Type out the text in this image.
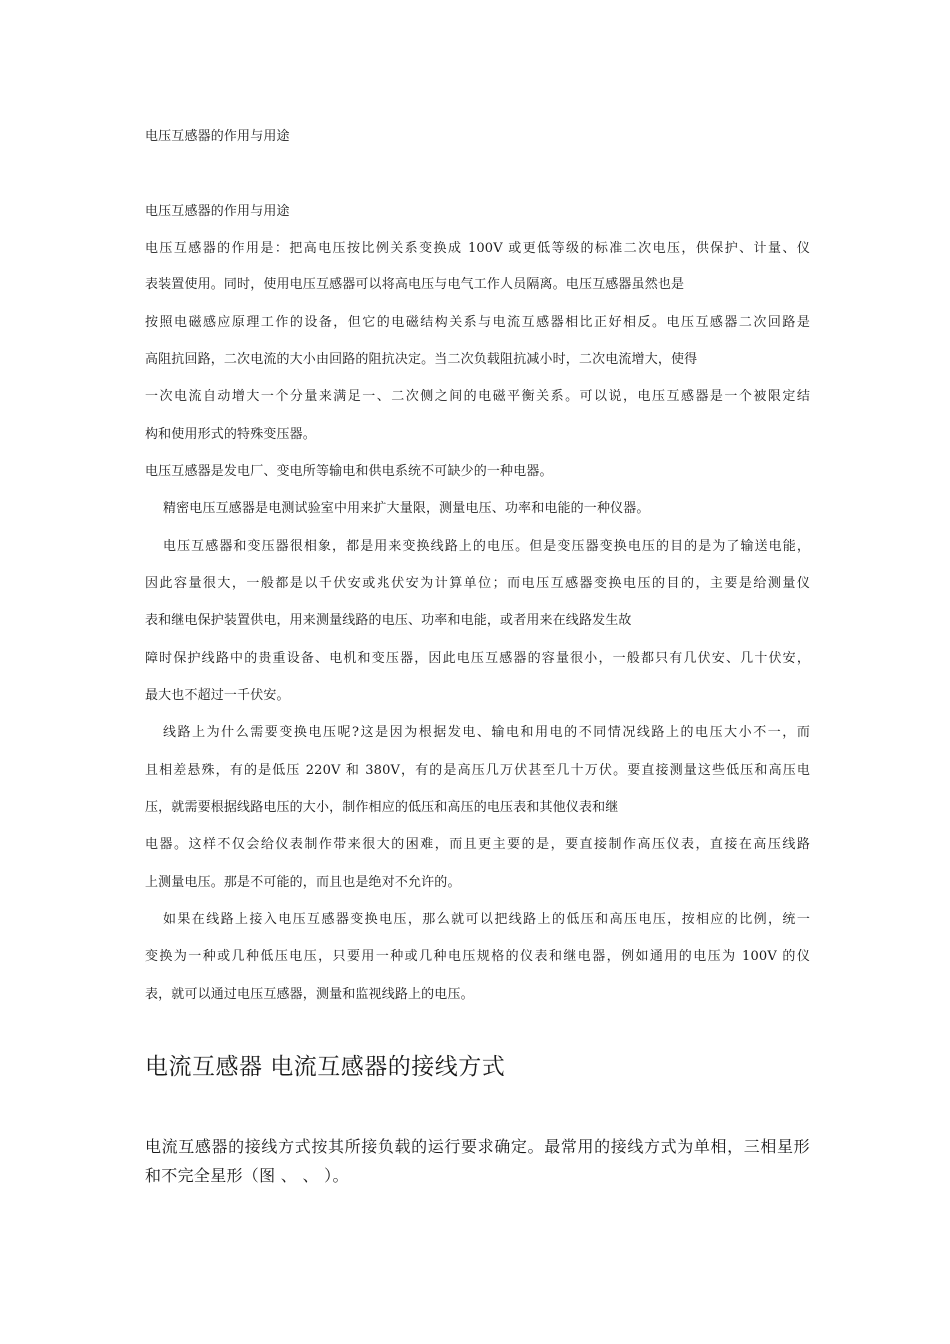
电压互感器的作用与用途
电压互感器的作用与用途
电压互感器的作用是：把高电压按比例关系变换成 100V 或更低等级的标准二次电压，供保护、计量、仪
表装置使用。同时，使用电压互感器可以将高电压与电气工作人员隔离。电压互感器虽然也是
按照电磁感应原理工作的设备，但它的电磁结构关系与电流互感器相比正好相反。电压互感器二次回路是
高阻抗回路，二次电流的大小由回路的阻抗决定。当二次负载阻抗减小时，二次电流增大，使得
一次电流自动增大一个分量来满足一、二次侧之间的电磁平衡关系。可以说，电压互感器是一个被限定结
构和使用形式的特殊变压器。
电压互感器是发电厂、变电所等输电和供电系统不可缺少的一种电器。
精密电压互感器是电测试验室中用来扩大量限，测量电压、功率和电能的一种仪器。
电压互感器和变压器很相象，都是用来变换线路上的电压。但是变压器变换电压的目的是为了输送电能，
因此容量很大，一般都是以千伏安或兆伏安为计算单位；而电压互感器变换电压的目的，主要是给测量仪
表和继电保护装置供电，用来测量线路的电压、功率和电能，或者用来在线路发生故
障时保护线路中的贵重设备、电机和变压器，因此电压互感器的容量很小，一般都只有几伏安、几十伏安，
最大也不超过一千伏安。
线路上为什么需要变换电压呢?这是因为根据发电、输电和用电的不同情况线路上的电压大小不一，而
且相差悬殊，有的是低压 220V 和 380V，有的是高压几万伏甚至几十万伏。要直接测量这些低压和高压电
压，就需要根据线路电压的大小，制作相应的低压和高压的电压表和其他仪表和继
电器。这样不仅会给仪表制作带来很大的困难，而且更主要的是，要直接制作高压仪表，直接在高压线路
上测量电压。那是不可能的，而且也是绝对不允许的。
如果在线路上接入电压互感器变换电压，那么就可以把线路上的低压和高压电压，按相应的比例，统一
变换为一种或几种低压电压，只要用一种或几种电压规格的仪表和继电器，例如通用的电压为 100V 的仪
表，就可以通过电压互感器，测量和监视线路上的电压。
电流互感器 电流互感器的接线方式
电流互感器的接线方式按其所接负载的运行要求确定。最常用的接线方式为单相，三相星形
和不完全星形（图 、 、 ）。
